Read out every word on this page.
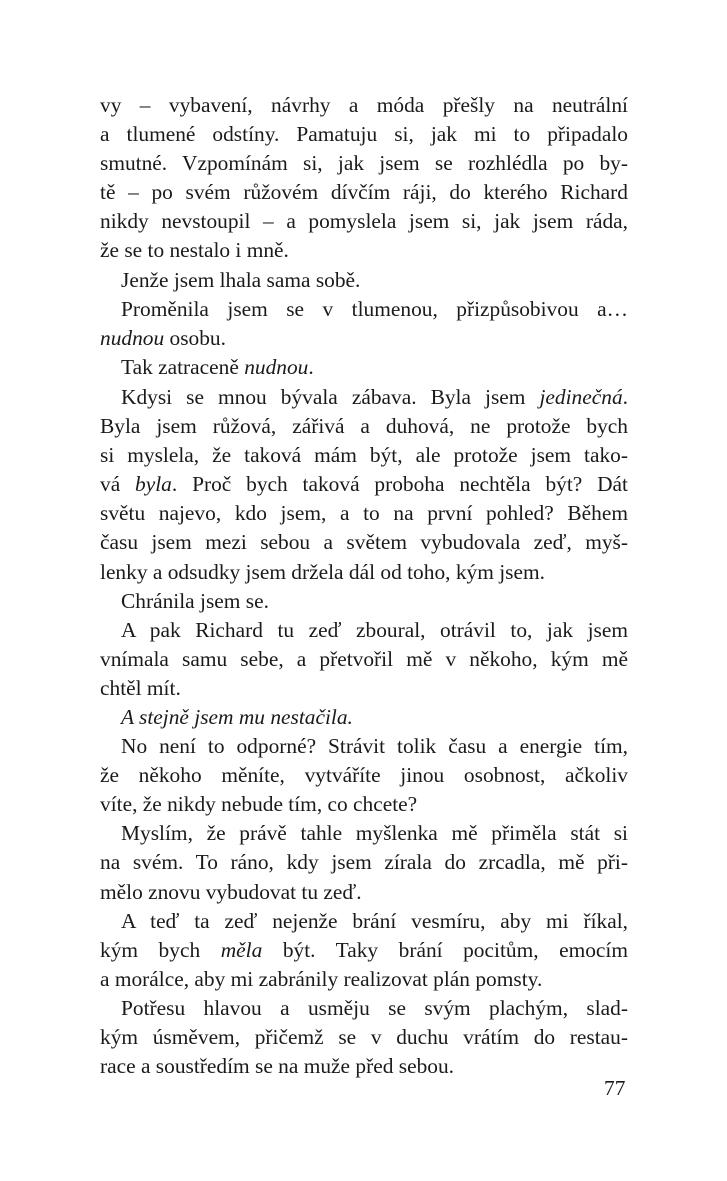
vy – vybavení, návrhy a móda přešly na neutrální
a tlumené odstíny. Pamatuju si, jak mi to připadalo
smutné. Vzpomínám si, jak jsem se rozhlédla po by-
tě – po svém růžovém dívčím ráji, do kterého Richard
nikdy nevstoupil – a pomyslela jsem si, jak jsem ráda,
že se to nestalo i mně.
Jenže jsem lhala sama sobě.
Proměnila jsem se v tlumenou, přizpůsobivou a…
nudnou osobu.
Tak zatraceně nudnou.
Kdysi se mnou bývala zábava. Byla jsem jedinečná.
Byla jsem růžová, zářivá a duhová, ne protože bych
si myslela, že taková mám být, ale protože jsem tako-
vá byla. Proč bych taková proboha nechtěla být? Dát
světu najevo, kdo jsem, a to na první pohled? Během
času jsem mezi sebou a světem vybudovala zeď, myš-
lenky a odsudky jsem držela dál od toho, kým jsem.
Chránila jsem se.
A pak Richard tu zeď zboural, otrávil to, jak jsem
vnímala samu sebe, a přetvořil mě v někoho, kým mě
chtěl mít.
A stejně jsem mu nestačila.
No není to odporné? Strávit tolik času a energie tím,
že někoho měníte, vytváříte jinou osobnost, ačkoliv
víte, že nikdy nebude tím, co chcete?
Myslím, že právě tahle myšlenka mě přiměla stát si
na svém. To ráno, kdy jsem zírala do zrcadla, mě při-
mělo znovu vybudovat tu zeď.
A teď ta zeď nejenže brání vesmíru, aby mi říkal,
kým bych měla být. Taky brání pocitům, emocím
a morálce, aby mi zabránily realizovat plán pomsty.
Potřesu hlavou a usměju se svým plachým, slad-
kým úsměvem, přičemž se v duchu vrátím do restau-
race a soustředím se na muže před sebou.
77
